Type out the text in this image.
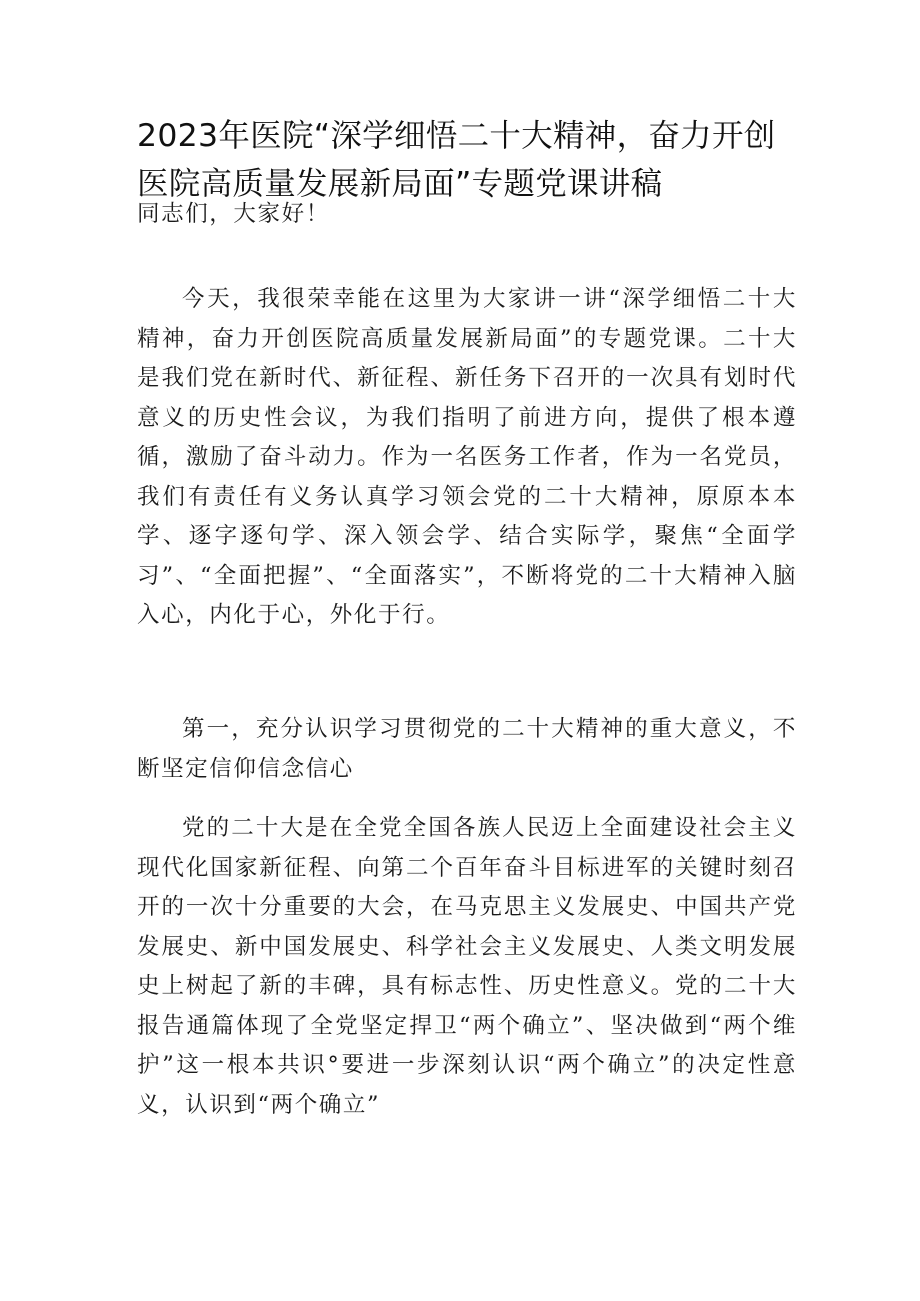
2023年医院“深学细悟二十大精神，奋力开创
医院高质量发展新局面”专题党课讲稿

同志们，大家好！

今天，我很荣幸能在这里为大家讲一讲“深学细悟二十大精神，奋力开创医院高质量发展新局面”的专题党课。二十大是我们党在新时代、新征程、新任务下召开的一次具有划时代意义的历史性会议，为我们指明了前进方向，提供了根本遵循，激励了奋斗动力。作为一名医务工作者，作为一名党员，我们有责任有义务认真学习领会党的二十大精神，原原本本学、逐字逐句学、深入领会学、结合实际学，聚焦“全面学习”、“全面把握”、“全面落实”，不断将党的二十大精神入脑入心，内化于心，外化于行。

第一，充分认识学习贯彻党的二十大精神的重大意义，不断坚定信仰信念信心

党的二十大是在全党全国各族人民迈上全面建设社会主义现代化国家新征程、向第二个百年奋斗目标进军的关键时刻召开的一次十分重要的大会，在马克思主义发展史、中国共产党发展史、新中国发展史、科学社会主义发展史、人类文明发展史上树起了新的丰碑，具有标志性、历史性意义。党的二十大报告通篇体现了全党坚定捍卫“两个确立”、坚决做到“两个维护”这一根本共识°要进一步深刻认识“两个确立”的决定性意义，认识到“两个确立”
